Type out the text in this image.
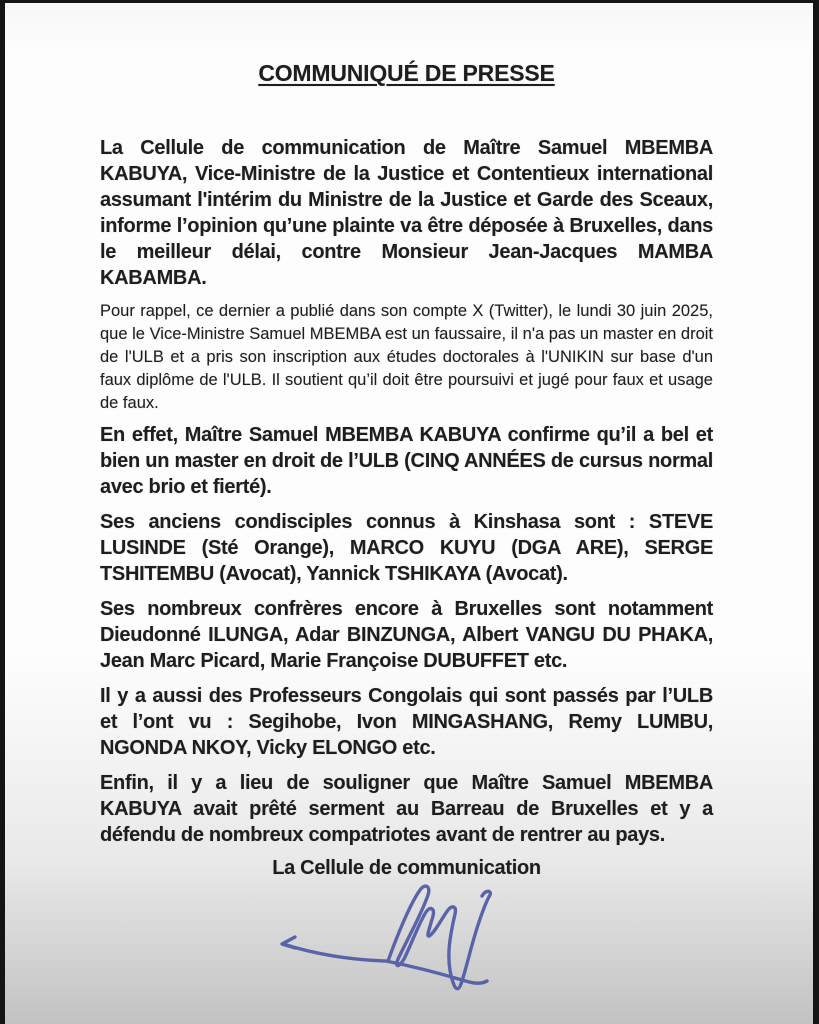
COMMUNIQUÉ DE PRESSE

La Cellule de communication de Maître Samuel MBEMBA KABUYA, Vice-Ministre de la Justice et Contentieux international assumant l'intérim du Ministre de la Justice et Garde des Sceaux, informe l’opinion qu’une plainte va être déposée à Bruxelles, dans le meilleur délai, contre Monsieur Jean-Jacques MAMBA KABAMBA.

Pour rappel, ce dernier a publié dans son compte X (Twitter), le lundi 30 juin 2025, que le Vice-Ministre Samuel MBEMBA est un faussaire, il n'a pas un master en droit de l'ULB et a pris son inscription aux études doctorales à l'UNIKIN sur base d'un faux diplôme de l'ULB. Il soutient qu’il doit être poursuivi et jugé pour faux et usage de faux.

En effet, Maître Samuel MBEMBA KABUYA confirme qu’il a bel et bien un master en droit de l’ULB (CINQ ANNÉES de cursus normal avec brio et fierté).

Ses anciens condisciples connus à Kinshasa sont : STEVE LUSINDE (Sté Orange), MARCO KUYU (DGA ARE), SERGE TSHITEMBU (Avocat), Yannick TSHIKAYA (Avocat).

Ses nombreux confrères encore à Bruxelles sont notamment Dieudonné ILUNGA, Adar BINZUNGA, Albert VANGU DU PHAKA, Jean Marc Picard, Marie Françoise DUBUFFET etc.

Il y a aussi des Professeurs Congolais qui sont passés par l’ULB et l’ont vu : Segihobe, Ivon MINGASHANG, Remy LUMBU, NGONDA NKOY, Vicky ELONGO etc.

Enfin, il y a lieu de souligner que Maître Samuel MBEMBA KABUYA avait prêté serment au Barreau de Bruxelles et y a défendu de nombreux compatriotes avant de rentrer au pays.

La Cellule de communication
